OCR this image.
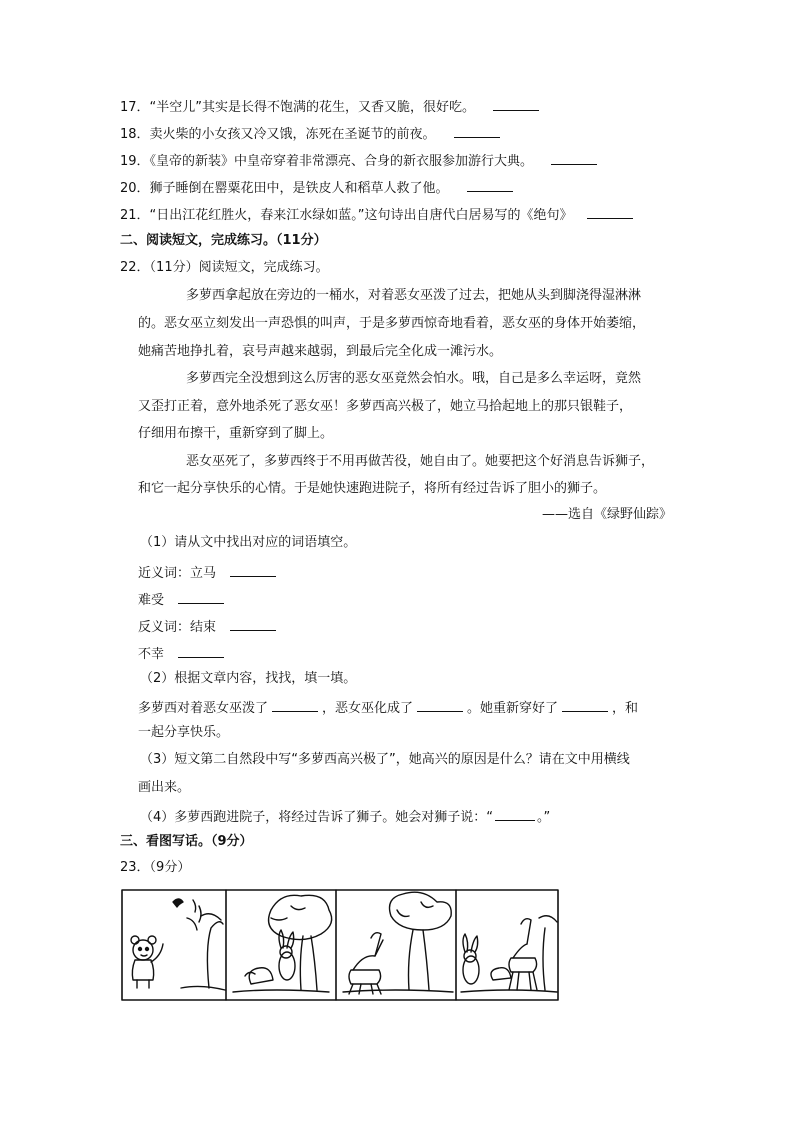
17．“半空儿”其实是长得不饱满的花生，又香又脆，很好吃。
18．卖火柴的小女孩又冷又饿，冻死在圣诞节的前夜。
19．《皇帝的新装》中皇帝穿着非常漂亮、合身的新衣服参加游行大典。
20．狮子睡倒在罂粟花田中，是铁皮人和稻草人救了他。
21．“日出江花红胜火，春来江水绿如蓝。”这句诗出自唐代白居易写的《绝句》
二、阅读短文，完成练习。（11分）
22．（11分）阅读短文，完成练习。
多萝西拿起放在旁边的一桶水，对着恶女巫泼了过去，把她从头到脚浇得湿淋淋
的。恶女巫立刻发出一声恐惧的叫声，于是多萝西惊奇地看着，恶女巫的身体开始萎缩，
她痛苦地挣扎着，哀号声越来越弱，到最后完全化成一滩污水。
多萝西完全没想到这么厉害的恶女巫竟然会怕水。哦，自己是多么幸运呀，竟然
又歪打正着，意外地杀死了恶女巫！多萝西高兴极了，她立马拾起地上的那只银鞋子，
仔细用布擦干，重新穿到了脚上。
恶女巫死了，多萝西终于不用再做苦役，她自由了。她要把这个好消息告诉狮子，
和它一起分享快乐的心情。于是她快速跑进院子，将所有经过告诉了胆小的狮子。
——选自《绿野仙踪》
（1）请从文中找出对应的词语填空。
近义词：立马
难受
反义词：结束
不幸
（2）根据文章内容，找找，填一填。
多萝西对着恶女巫泼了	，恶女巫化成了	。她重新穿好了	，和
一起分享快乐。
（3）短文第二自然段中写“多萝西高兴极了”，她高兴的原因是什么？请在文中用横线
画出来。
（4）多萝西跑进院子，将经过告诉了狮子。她会对狮子说：“	。”
三、看图写话。（9分）
23．（9分）
